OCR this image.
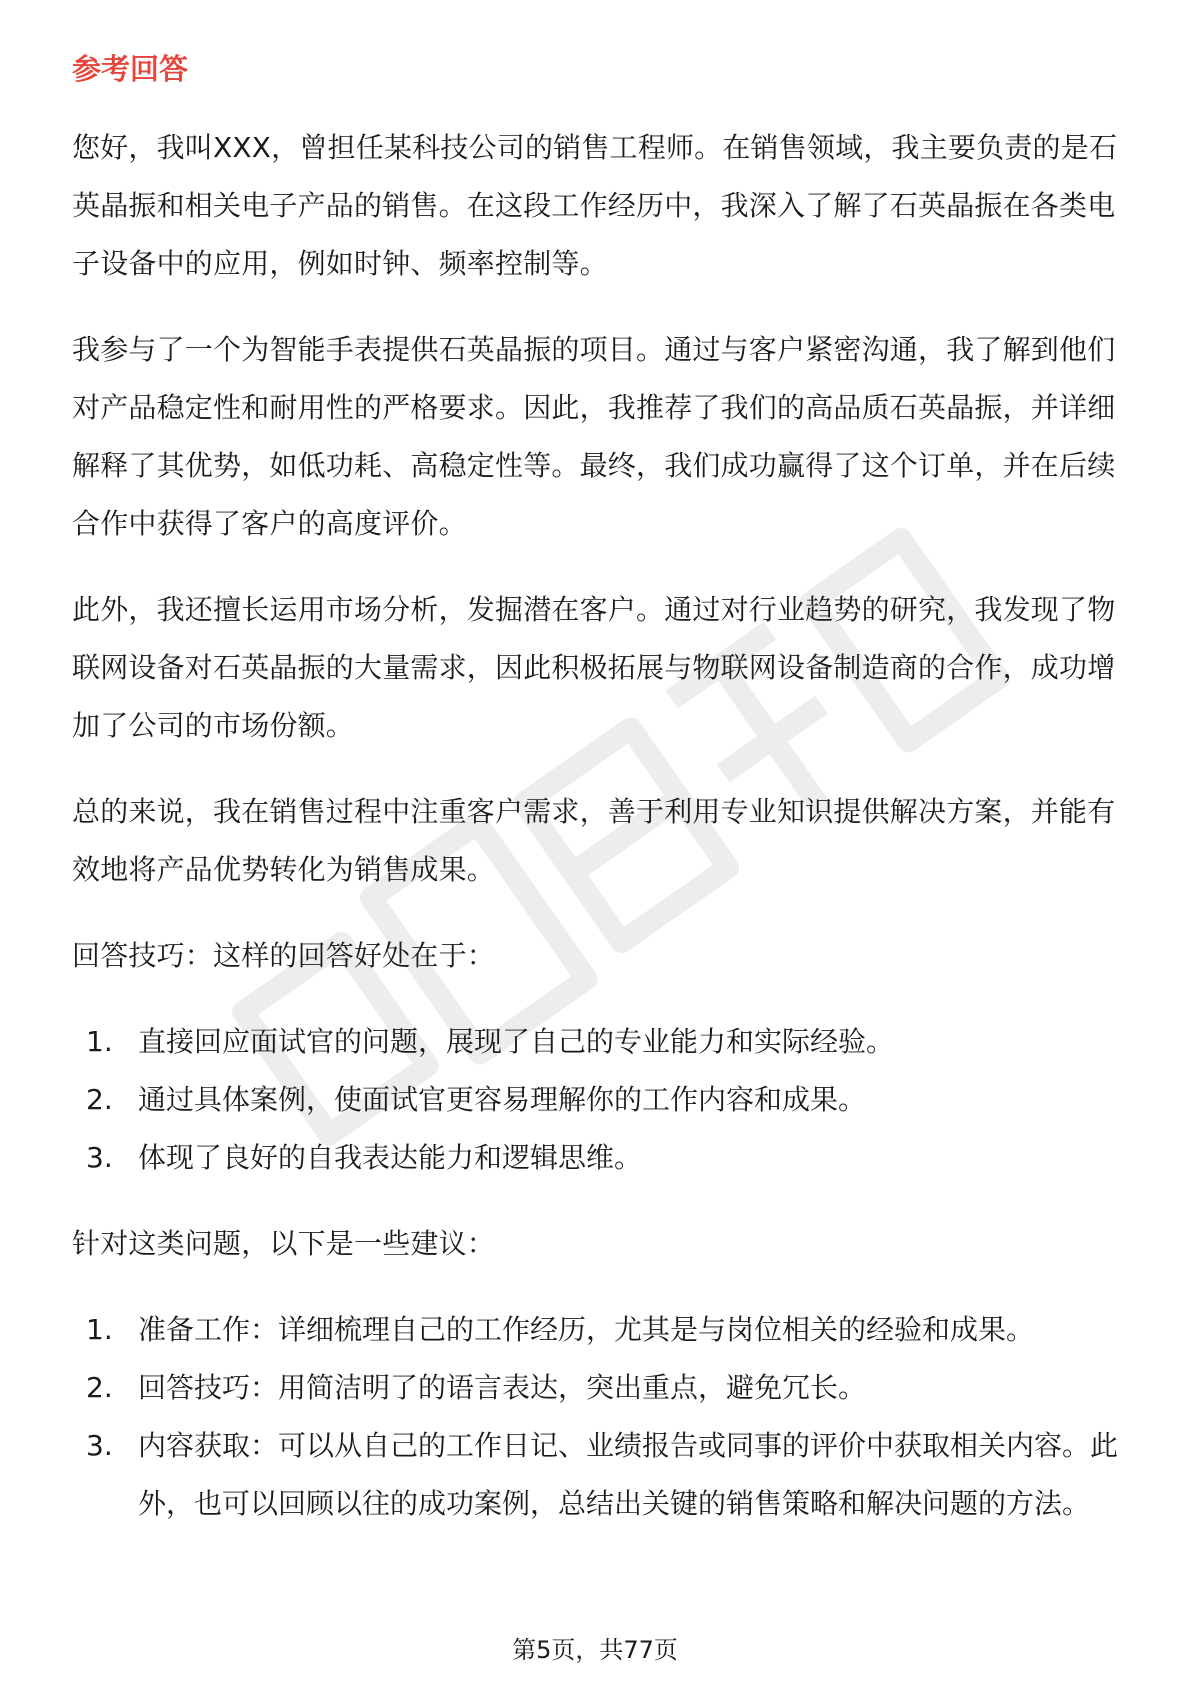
参考回答

您好，我叫XXX，曾担任某科技公司的销售工程师。在销售领域，我主要负责的是石英晶振和相关电子产品的销售。在这段工作经历中，我深入了解了石英晶振在各类电子设备中的应用，例如时钟、频率控制等。

我参与了一个为智能手表提供石英晶振的项目。通过与客户紧密沟通，我了解到他们对产品稳定性和耐用性的严格要求。因此，我推荐了我们的高品质石英晶振，并详细解释了其优势，如低功耗、高稳定性等。最终，我们成功赢得了这个订单，并在后续合作中获得了客户的高度评价。

此外，我还擅长运用市场分析，发掘潜在客户。通过对行业趋势的研究，我发现了物联网设备对石英晶振的大量需求，因此积极拓展与物联网设备制造商的合作，成功增加了公司的市场份额。

总的来说，我在销售过程中注重客户需求，善于利用专业知识提供解决方案，并能有效地将产品优势转化为销售成果。

回答技巧：这样的回答好处在于：

1. 直接回应面试官的问题，展现了自己的专业能力和实际经验。
2. 通过具体案例，使面试官更容易理解你的工作内容和成果。
3. 体现了良好的自我表达能力和逻辑思维。

针对这类问题，以下是一些建议：

1. 准备工作：详细梳理自己的工作经历，尤其是与岗位相关的经验和成果。
2. 回答技巧：用简洁明了的语言表达，突出重点，避免冗长。
3. 内容获取：可以从自己的工作日记、业绩报告或同事的评价中获取相关内容。此外，也可以回顾以往的成功案例，总结出关键的销售策略和解决问题的方法。
第5页，共77页
